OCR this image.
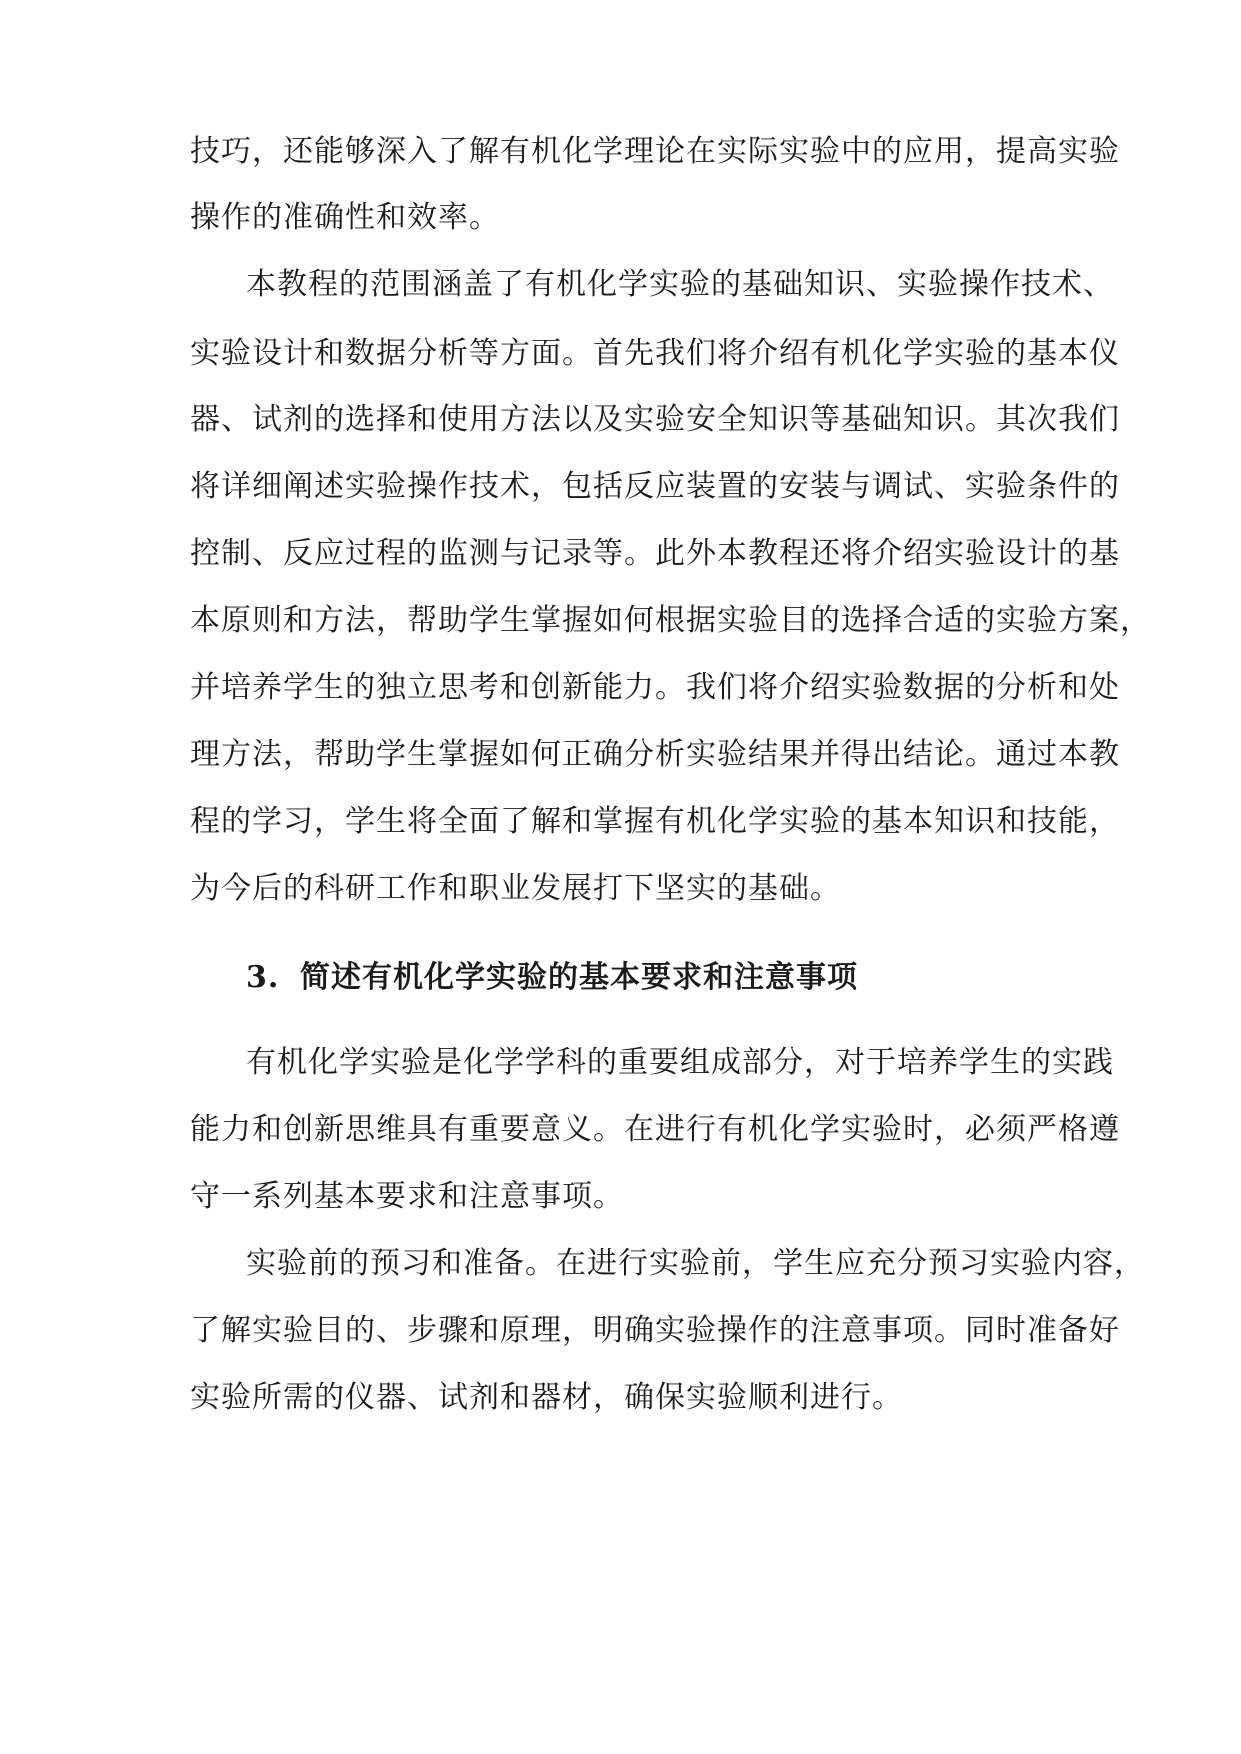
技巧，还能够深入了解有机化学理论在实际实验中的应用，提高实验
操作的准确性和效率。
本教程的范围涵盖了有机化学实验的基础知识、实验操作技术、
实验设计和数据分析等方面。首先我们将介绍有机化学实验的基本仪
器、试剂的选择和使用方法以及实验安全知识等基础知识。其次我们
将详细阐述实验操作技术，包括反应装置的安装与调试、实验条件的
控制、反应过程的监测与记录等。此外本教程还将介绍实验设计的基
本原则和方法，帮助学生掌握如何根据实验目的选择合适的实验方案，
并培养学生的独立思考和创新能力。我们将介绍实验数据的分析和处
理方法，帮助学生掌握如何正确分析实验结果并得出结论。通过本教
程的学习，学生将全面了解和掌握有机化学实验的基本知识和技能，
为今后的科研工作和职业发展打下坚实的基础。
3. 简述有机化学实验的基本要求和注意事项
有机化学实验是化学学科的重要组成部分，对于培养学生的实践
能力和创新思维具有重要意义。在进行有机化学实验时，必须严格遵
守一系列基本要求和注意事项。
实验前的预习和准备。在进行实验前，学生应充分预习实验内容，
了解实验目的、步骤和原理，明确实验操作的注意事项。同时准备好
实验所需的仪器、试剂和器材，确保实验顺利进行。
